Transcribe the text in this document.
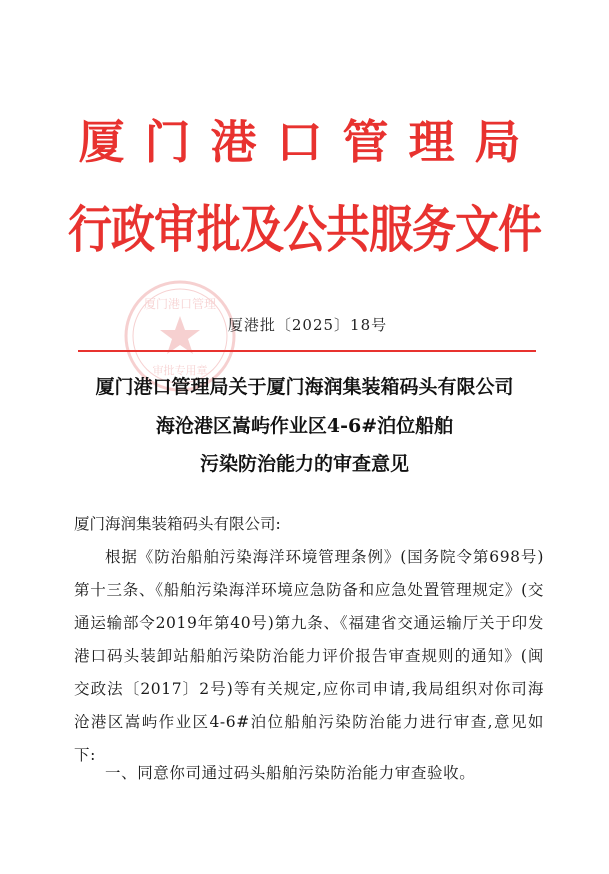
厦门港口管理局
行政审批及公共服务文件
厦门港口管理
审批专用章
厦港批〔2025〕18号
厦门港口管理局关于厦门海润集装箱码头有限公司
海沧港区嵩屿作业区4-6#泊位船舶
污染防治能力的审查意见
厦门海润集装箱码头有限公司:
根据《防治船舶污染海洋环境管理条例》(国务院令第698号)第十三条、《船舶污染海洋环境应急防备和应急处置管理规定》(交通运输部令2019年第40号)第九条、《福建省交通运输厅关于印发港口码头装卸站船舶污染防治能力评价报告审查规则的通知》(闽交政法〔2017〕2号)等有关规定,应你司申请,我局组织对你司海沧港区嵩屿作业区4-6#泊位船舶污染防治能力进行审查,意见如下:
一、同意你司通过码头船舶污染防治能力审查验收。
